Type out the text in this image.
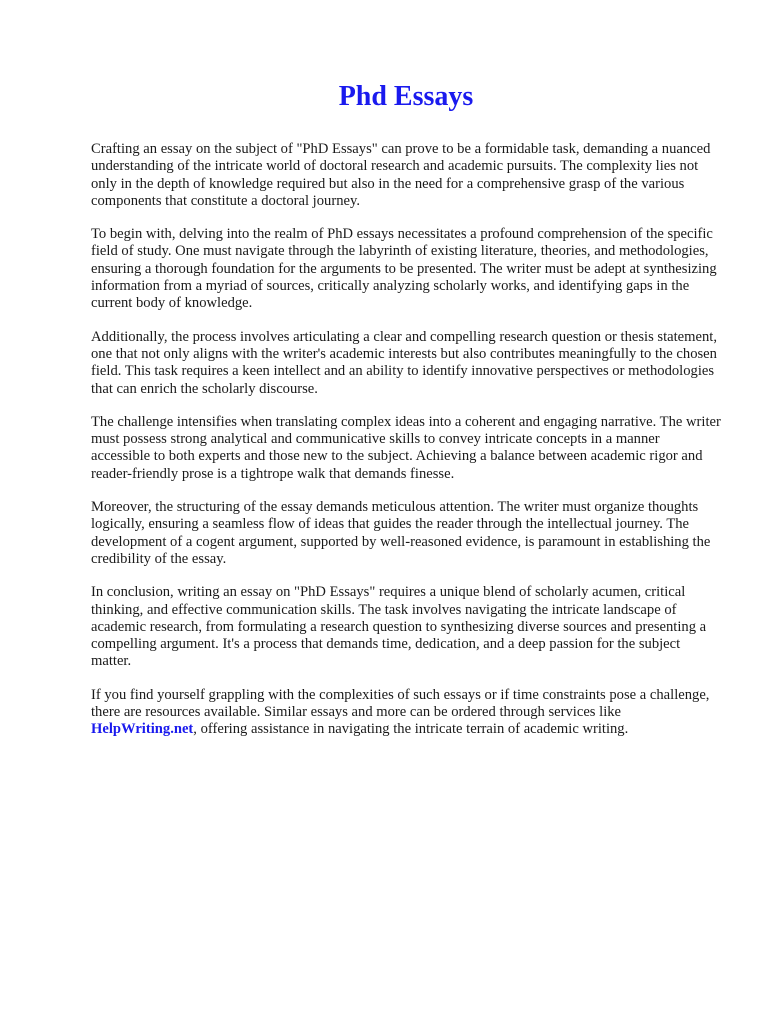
Phd Essays

Crafting an essay on the subject of "PhD Essays" can prove to be a formidable task, demanding a nuanced understanding of the intricate world of doctoral research and academic pursuits. The complexity lies not only in the depth of knowledge required but also in the need for a comprehensive grasp of the various components that constitute a doctoral journey.

To begin with, delving into the realm of PhD essays necessitates a profound comprehension of the specific field of study. One must navigate through the labyrinth of existing literature, theories, and methodologies, ensuring a thorough foundation for the arguments to be presented. The writer must be adept at synthesizing information from a myriad of sources, critically analyzing scholarly works, and identifying gaps in the current body of knowledge.

Additionally, the process involves articulating a clear and compelling research question or thesis statement, one that not only aligns with the writer's academic interests but also contributes meaningfully to the chosen field. This task requires a keen intellect and an ability to identify innovative perspectives or methodologies that can enrich the scholarly discourse.

The challenge intensifies when translating complex ideas into a coherent and engaging narrative. The writer must possess strong analytical and communicative skills to convey intricate concepts in a manner accessible to both experts and those new to the subject. Achieving a balance between academic rigor and reader-friendly prose is a tightrope walk that demands finesse.

Moreover, the structuring of the essay demands meticulous attention. The writer must organize thoughts logically, ensuring a seamless flow of ideas that guides the reader through the intellectual journey. The development of a cogent argument, supported by well-reasoned evidence, is paramount in establishing the credibility of the essay.

In conclusion, writing an essay on "PhD Essays" requires a unique blend of scholarly acumen, critical thinking, and effective communication skills. The task involves navigating the intricate landscape of academic research, from formulating a research question to synthesizing diverse sources and presenting a compelling argument. It's a process that demands time, dedication, and a deep passion for the subject matter.

If you find yourself grappling with the complexities of such essays or if time constraints pose a challenge, there are resources available. Similar essays and more can be ordered through services like HelpWriting.net, offering assistance in navigating the intricate terrain of academic writing.
